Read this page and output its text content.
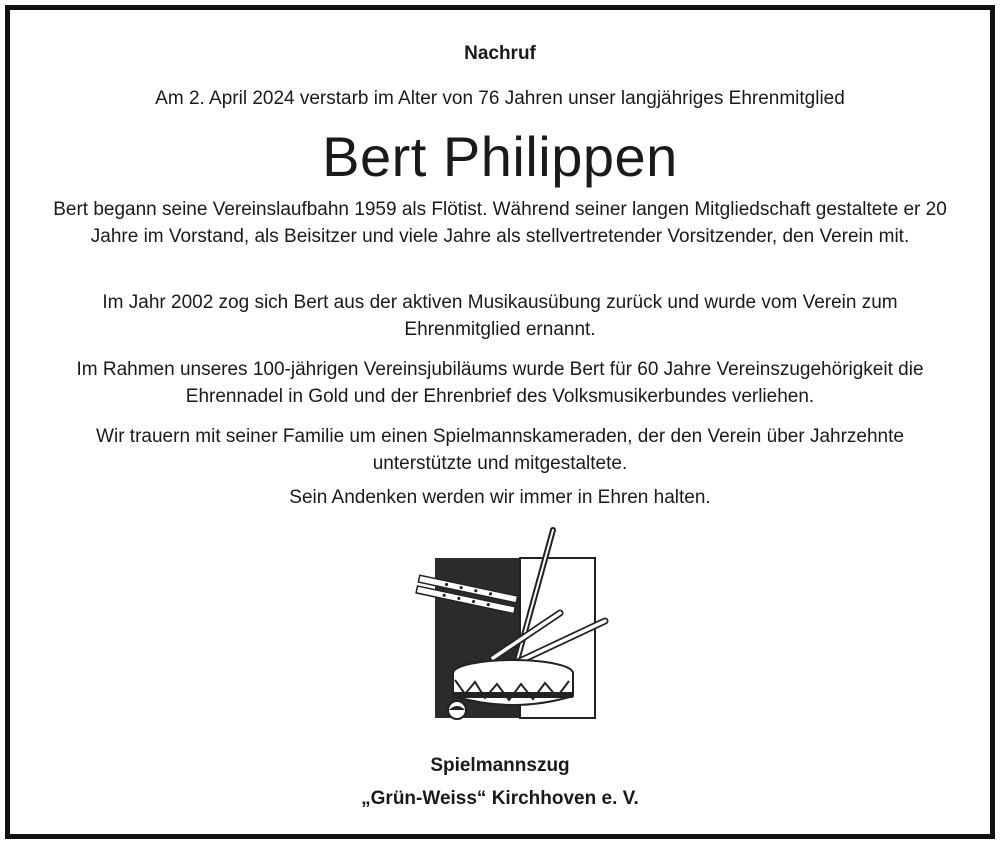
Nachruf
Am 2. April 2024 verstarb im Alter von 76 Jahren unser langjähriges Ehrenmitglied
Bert Philippen
Bert begann seine Vereinslaufbahn 1959 als Flötist. Während seiner langen Mitgliedschaft gestaltete er 20 Jahre im Vorstand, als Beisitzer und viele Jahre als stellvertretender Vorsitzender, den Verein mit.
Im Jahr 2002 zog sich Bert aus der aktiven Musikausübung zurück und wurde vom Verein zum Ehrenmitglied ernannt.
Im Rahmen unseres 100-jährigen Vereinsjubiläums wurde Bert für 60 Jahre Vereinszugehörigkeit die Ehrennadel in Gold und der Ehrenbrief des Volksmusikerbundes verliehen.
Wir trauern mit seiner Familie um einen Spielmannskameraden, der den Verein über Jahrzehnte unterstützte und mitgestaltete.
Sein Andenken werden wir immer in Ehren halten.
Spielmannszug
„Grün-Weiss“ Kirchhoven e. V.
